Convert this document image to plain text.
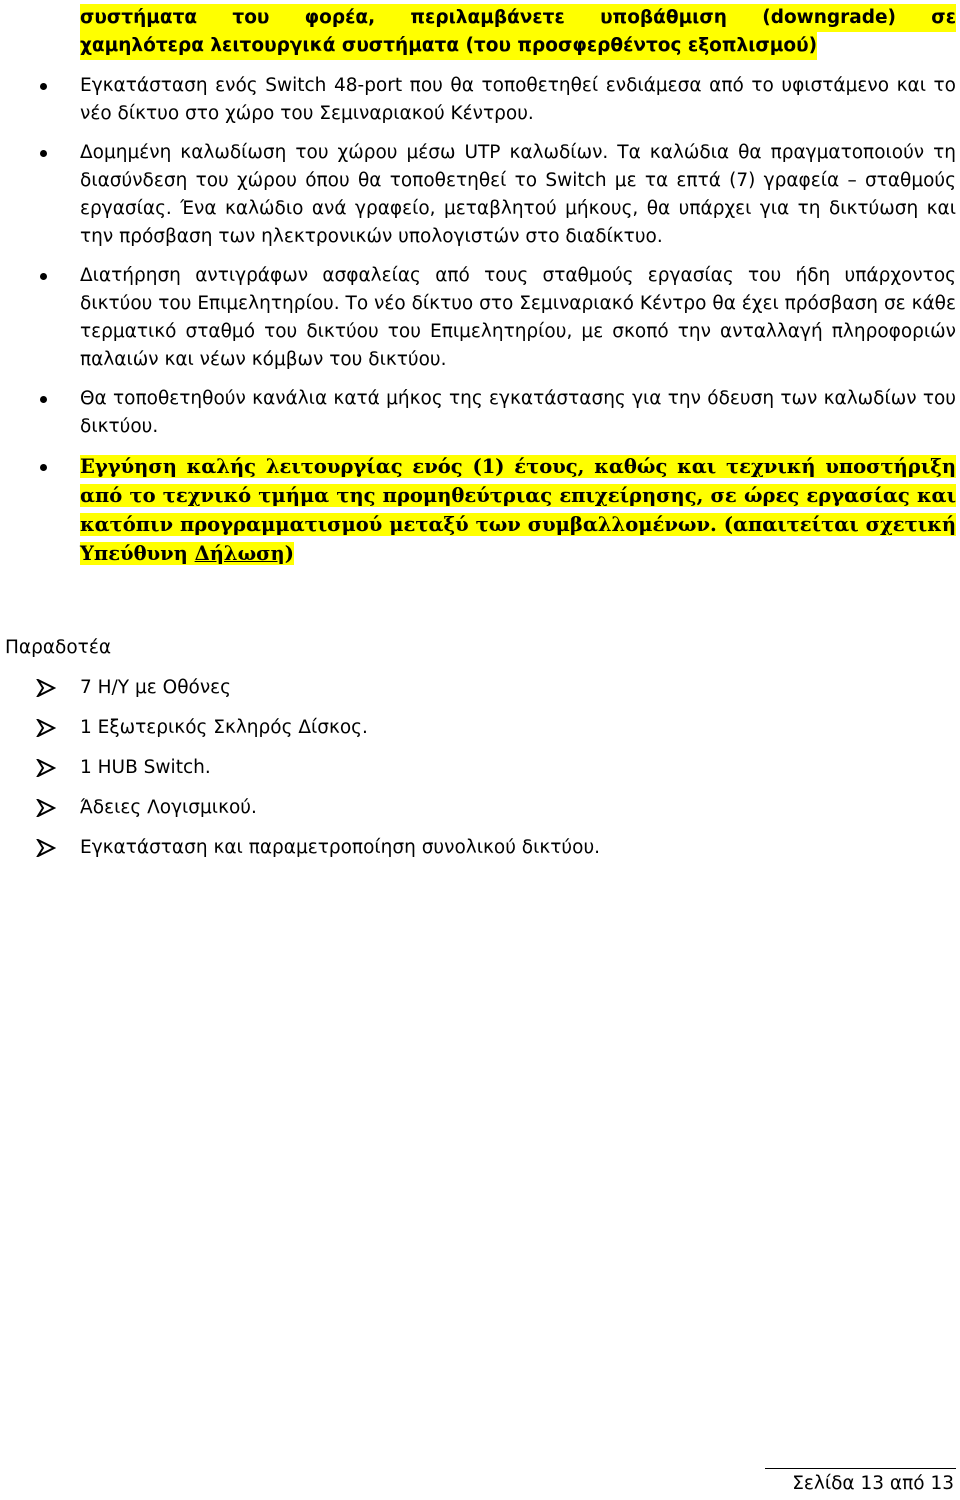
συστήματα του φορέα, περιλαμβάνετε υποβάθμιση (downgrade) σε
χαμηλότερα λειτουργικά συστήματα (του προσφερθέντος εξοπλισμού)
Εγκατάσταση ενός Switch 48-port που θα τοποθετηθεί ενδιάμεσα από το υφιστάμενο και το νέο δίκτυο στο χώρο του Σεμιναριακού Κέντρου.
Δομημένη καλωδίωση του χώρου μέσω UTP καλωδίων. Τα καλώδια θα πραγματοποιούν τη διασύνδεση του χώρου όπου θα τοποθετηθεί το Switch με τα επτά (7) γραφεία – σταθμούς εργασίας. Ένα καλώδιο ανά γραφείο, μεταβλητού μήκους, θα υπάρχει για τη δικτύωση και την πρόσβαση των ηλεκτρονικών υπολογιστών στο διαδίκτυο.
Διατήρηση αντιγράφων ασφαλείας από τους σταθμούς εργασίας του ήδη υπάρχοντος δικτύου του Επιμελητηρίου. Το νέο δίκτυο στο Σεμιναριακό Κέντρο θα έχει πρόσβαση σε κάθε τερματικό σταθμό του δικτύου του Επιμελητηρίου, με σκοπό την ανταλλαγή πληροφοριών παλαιών και νέων κόμβων του δικτύου.
Θα τοποθετηθούν κανάλια κατά μήκος της εγκατάστασης για την όδευση των καλωδίων του δικτύου.
Εγγύηση καλής λειτουργίας ενός (1) έτους, καθώς και τεχνική υποστήριξη από το τεχνικό τμήμα της προμηθεύτριας επιχείρησης, σε ώρες εργασίας και κατόπιν προγραμματισμού μεταξύ των συμβαλλομένων. (απαιτείται σχετική Υπεύθυνη Δήλωση)
Παραδοτέα
7 Η/Υ με Οθόνες
1 Εξωτερικός Σκληρός Δίσκος.
1 HUB Switch.
Άδειες Λογισμικού.
Εγκατάσταση και παραμετροποίηση συνολικού δικτύου.
Σελίδα 13 από 13
